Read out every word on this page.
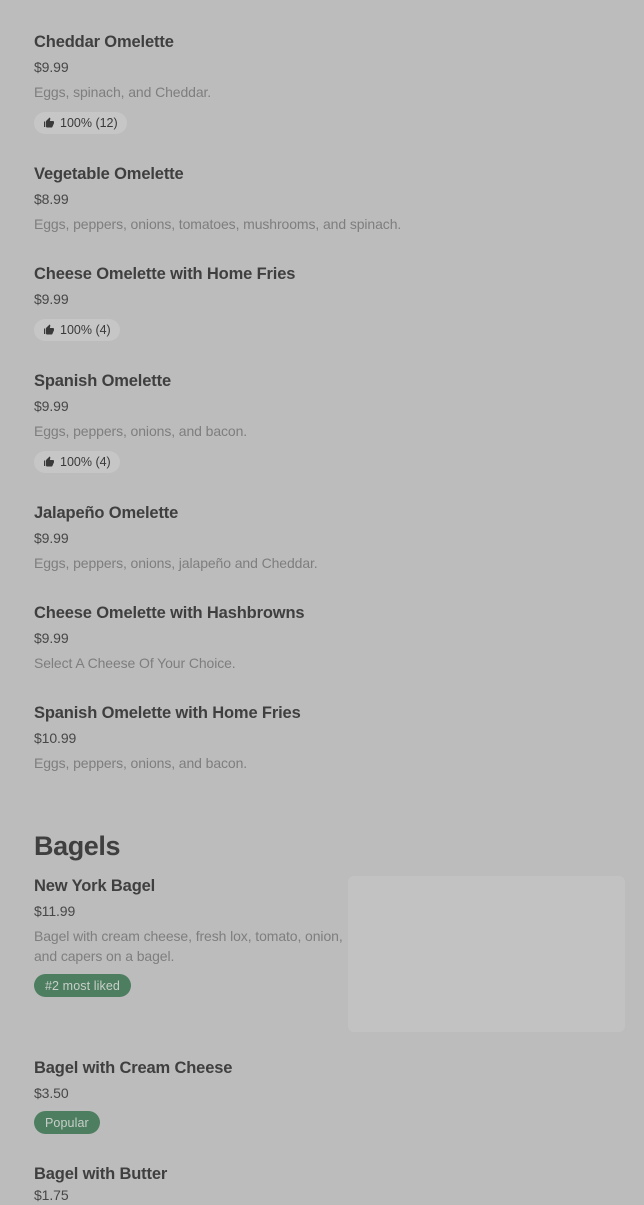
Cheddar Omelette
$9.99
Eggs, spinach, and Cheddar.
100% (12)
Vegetable Omelette
$8.99
Eggs, peppers, onions, tomatoes, mushrooms, and spinach.
Cheese Omelette with Home Fries
$9.99
100% (4)
Spanish Omelette
$9.99
Eggs, peppers, onions, and bacon.
100% (4)
Jalapeño Omelette
$9.99
Eggs, peppers, onions, jalapeño and Cheddar.
Cheese Omelette with Hashbrowns
$9.99
Select A Cheese Of Your Choice.
Spanish Omelette with Home Fries
$10.99
Eggs, peppers, onions, and bacon.
Bagels
New York Bagel
$11.99
Bagel with cream cheese, fresh lox, tomato, onion, and capers on a bagel.
#2 most liked
Bagel with Cream Cheese
$3.50
Popular
Bagel with Butter
$1.75
